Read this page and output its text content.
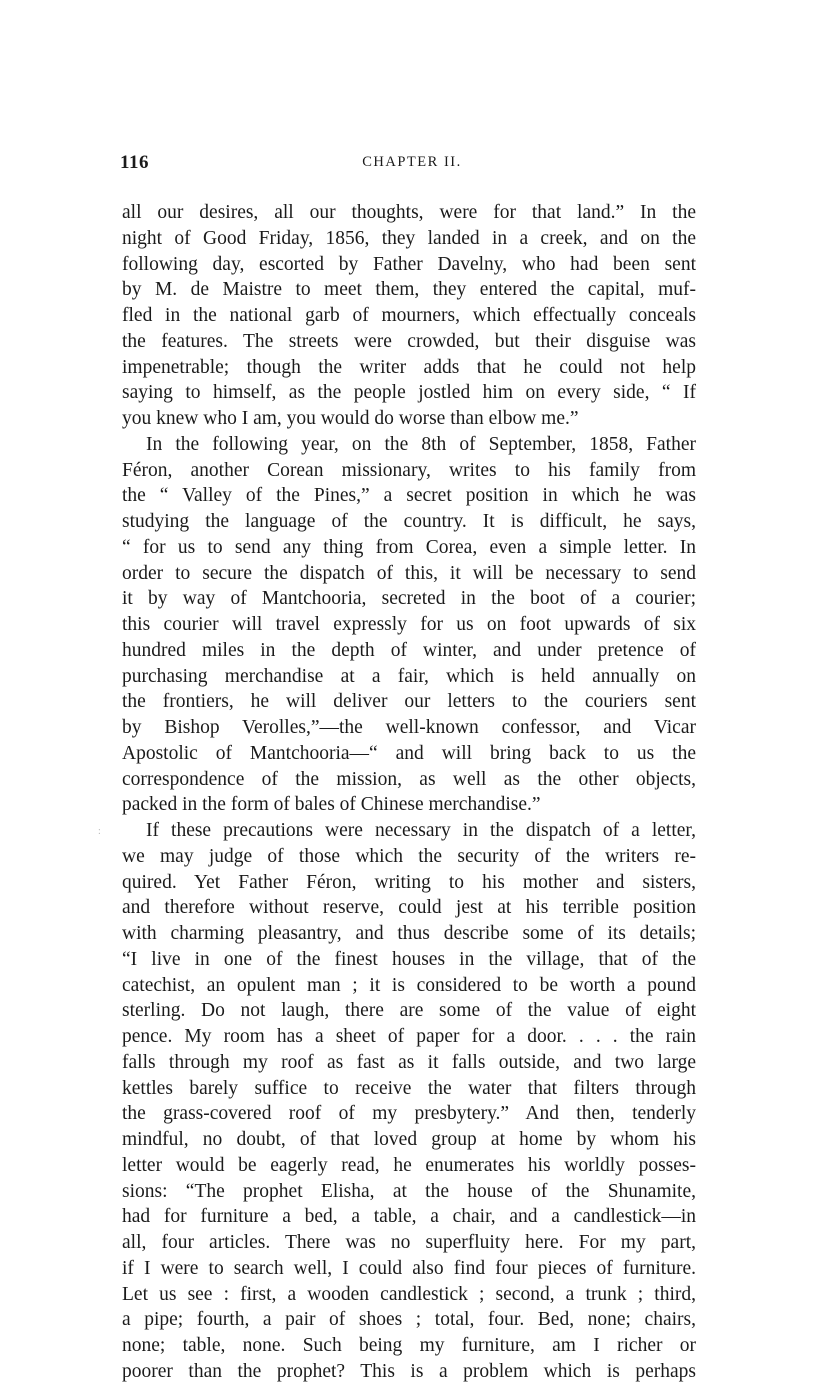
116	CHAPTER II.
:
all our desires, all our thoughts, were for that land.” In the
night of Good Friday, 1856, they landed in a creek, and on the
following day, escorted by Father Davelny, who had been sent
by M. de Maistre to meet them, they entered the capital, muf-
fled in the national garb of mourners, which effectually conceals
the features. The streets were crowded, but their disguise was
impenetrable; though the writer adds that he could not help
saying to himself, as the people jostled him on every side, “ If
you knew who I am, you would do worse than elbow me.”
In the following year, on the 8th of September, 1858, Father
Féron, another Corean missionary, writes to his family from
the “ Valley of the Pines,” a secret position in which he was
studying the language of the country. It is difficult, he says,
“ for us to send any thing from Corea, even a simple letter. In
order to secure the dispatch of this, it will be necessary to send
it by way of Mantchooria, secreted in the boot of a courier;
this courier will travel expressly for us on foot upwards of six
hundred miles in the depth of winter, and under pretence of
purchasing merchandise at a fair, which is held annually on
the frontiers, he will deliver our letters to the couriers sent
by Bishop Verolles,”—the well-known confessor, and Vicar
Apostolic of Mantchooria—“ and will bring back to us the
correspondence of the mission, as well as the other objects,
packed in the form of bales of Chinese merchandise.”
If these precautions were necessary in the dispatch of a letter,
we may judge of those which the security of the writers re-
quired. Yet Father Féron, writing to his mother and sisters,
and therefore without reserve, could jest at his terrible position
with charming pleasantry, and thus describe some of its details;
“I live in one of the finest houses in the village, that of the
catechist, an opulent man ; it is considered to be worth a pound
sterling. Do not laugh, there are some of the value of eight
pence. My room has a sheet of paper for a door. . . . the rain
falls through my roof as fast as it falls outside, and two large
kettles barely suffice to receive the water that filters through
the grass-covered roof of my presbytery.” And then, tenderly
mindful, no doubt, of that loved group at home by whom his
letter would be eagerly read, he enumerates his worldly posses-
sions: “The prophet Elisha, at the house of the Shunamite,
had for furniture a bed, a table, a chair, and a candlestick—in
all, four articles. There was no superfluity here. For my part,
if I were to search well, I could also find four pieces of furniture.
Let us see : first, a wooden candlestick ; second, a trunk ; third,
a pipe; fourth, a pair of shoes ; total, four. Bed, none; chairs,
none; table, none. Such being my furniture, am I richer or
poorer than the prophet? This is a problem which is perhaps
